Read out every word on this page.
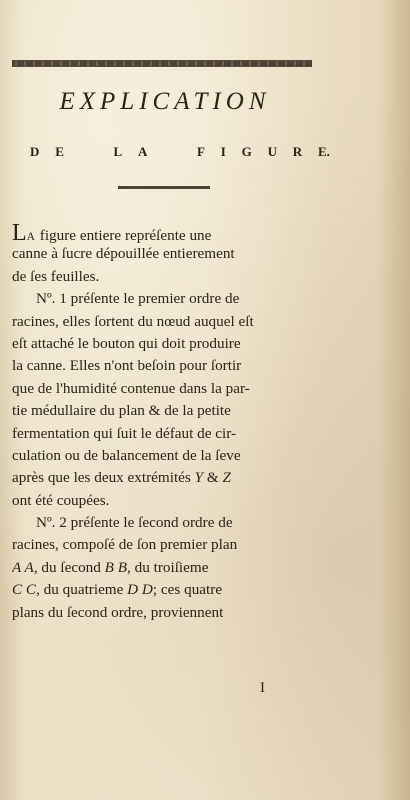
EXPLICATION
D E	L A	F I G U R E.
LA figure entiere repréſente une
canne à ſucre dépouillée entierement
de ſes feuilles.
Nº. 1 préſente le premier ordre de
racines, elles ſortent du nœud auquel eſt
eſt attaché le bouton qui doit produire
la canne. Elles n'ont beſoin pour ſortir
que de l'humidité contenue dans la par-
tie médullaire du plan & de la petite
fermentation qui ſuit le défaut de cir-
culation ou de balancement de la ſeve
après que les deux extrémités Y & Z
ont été coupées.
Nº. 2 préſente le ſecond ordre de
racines, compoſé de ſon premier plan
A A, du ſecond B B, du troiſieme
C C, du quatrieme D D; ces quatre
plans du ſecond ordre, proviennent
I
